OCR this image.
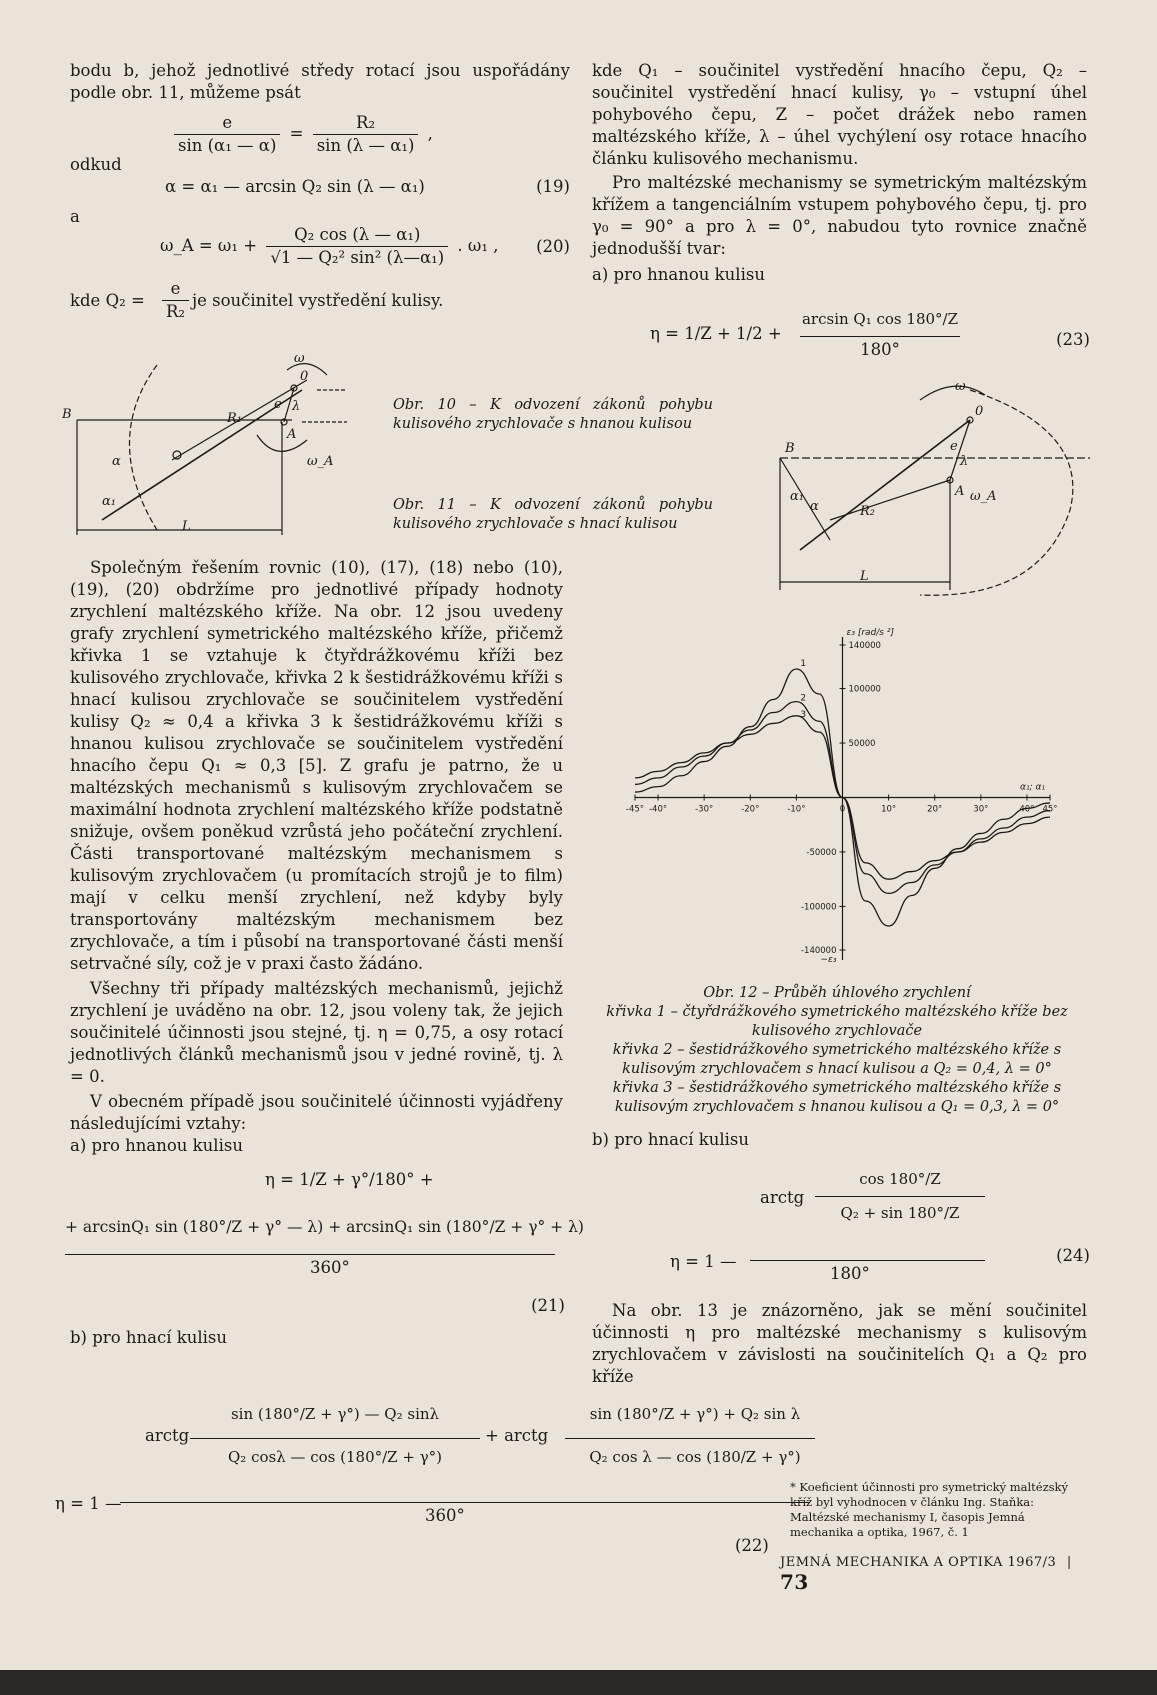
bodu b, jehož jednotlivé středy rotací jsou uspořádány podle obr. 11, můžeme psát

$\frac{e}{\text{sin (α₁ — α)}} = \frac{\text{R₂}}{\text{sin (λ — α₁)}}$ ,

odkud

α = α₁ — arcsin Q₂ sin (λ — α₁)	(19)

a

ω_A = $\omega_1 + \frac{\text{Q₂ cos (λ — α₁)}}{\text{√1 — Q₂² sin² (λ—α₁)}}$ . ω₁ , (20)
kde $Q_2 = \frac{e}{\text{R₂}}$ je součinitel vystředění kulisy.
B
A
0
ω
ω_A
R₁
L
α
α₁
e λ	Obr. 10 – K odvození zákonů pohybu kulisového zrychlovače s hnanou kulisou
Obr. 11 – K odvození zákonů pohybu kulisového zrychlovače s hnací kulisou

Společným řešením rovnic (10), (17), (18) nebo (10), (19), (20) obdržíme pro jednotlivé případy hodnoty zrychlení maltézského kříže. Na obr. 12 jsou uvedeny grafy zrychlení symetrického maltézského kříže, přičemž křivka 1 se vztahuje k čtyřdrážkovému kříži bez kulisového zrychlovače, křivka 2 k šestidrážkovému kříži s hnací kulisou zrychlovače se součinitelem vystředění kulisy Q₂ ≈ 0,4 a křivka 3 k šestidrážkovému kříži s hnanou kulisou zrychlovače se součinitelem vystředění hnacího čepu Q₁ ≈ 0,3 [5]. Z grafu je patrno, že u maltézských mechanismů s kulisovým zrychlovačem se maximální hodnota zrychlení maltézského kříže podstatně snižuje, ovšem poněkud vzrůstá jeho počáteční zrychlení. Části transportované maltézským mechanismem s kulisovým zrychlovačem (u promítacích strojů je to film) mají v celku menší zrychlení, než kdyby byly transportovány maltézským mechanismem bez zrychlovače, a tím i působí na transportované části menší setrvačné síly, což je v praxi často žádáno.

Všechny tři případy maltézských mechanismů, jejichž zrychlení je uváděno na obr. 12, jsou voleny tak, že jejich součinitelé účinnosti jsou stejné, tj. η = 0,75, a osy rotací jednotlivých článků mechanismů jsou v jedné rovině, tj. λ = 0.

V obecném případě jsou součinitelé účinnosti vyjádřeny následujícími vztahy:

a) pro hnanou kulisu

η = 1/Z + γ°/180° +
+ arcsinQ₁ sin (180°/Z + γ° — λ) + arcsinQ₁ sin (180°/Z + γ° + λ)
360°
(21)
b) pro hnací kulisu
sin (180°/Z + γ°) — Q₂ sinλ
Q₂ cosλ — cos (180°/Z + γ°)
arctg	+ arctg
sin (180°/Z + γ°) + Q₂ sin λ
Q₂ cos λ — cos (180/Z + γ°)
η = 1 —
360°
(22)

kde Q₁ – součinitel vystředění hnacího čepu, Q₂ – součinitel vystředění hnací kulisy, γ₀ – vstupní úhel pohybového čepu, Z – počet drážek nebo ramen maltézského kříže, λ – úhel vychýlení osy rotace hnacího článku kulisového mechanismu.

Pro maltézské mechanismy se symetrickým maltézským křížem a tangenciálním vstupem pohybového čepu, tj. pro γ₀ = 90° a pro λ = 0°, nabudou tyto rovnice značně jednodušší tvar:

a) pro hnanou kulisu

η = 1/Z + 1/2 +
arcsin Q₁ cos 180°/Z
180°
(23)
B
A
0
ω
ω_A
R₂
L
α
α₁
e
λ
-45° -40°	-30°	-20°	-10°	0	10°	20°	30°	40° 45°
140000
100000
50000
-50000
-100000
-140000
ε₃ [rad/s ²]
−ε₃
α₁; α₁
1
2
3
Obr. 12 – Průběh úhlového zrychlení
křivka 1 – čtyřdrážkového symetrického maltézského kříže bez kulisového zrychlovače
křivka 2 – šestidrážkového symetrického maltézského kříže s kulisovým zrychlovačem s hnací kulisou a Q₂ = 0,4, λ = 0°
křivka 3 – šestidrážkového symetrického maltézského kříže s kulisovým zrychlovačem s hnanou kulisou a Q₁ = 0,3, λ = 0°
b) pro hnací kulisu
cos 180°/Z
Q₂ + sin 180°/Z
arctg
η = 1 —
180°
(24)

Na obr. 13 je znázorněno, jak se mění součinitel účinnosti η pro maltézské mechanismy s kulisovým zrychlovačem v závislosti na součinitelích Q₁ a Q₂ pro kříže

* Koeficient účinnosti pro symetrický maltézský kříž byl vyhodnocen v článku Ing. Staňka: Maltézské mechanismy I, časopis Jemná mechanika a optika, 1967, č. 1
JEMNÁ MECHANIKA A OPTIKA 1967/3 | 73
